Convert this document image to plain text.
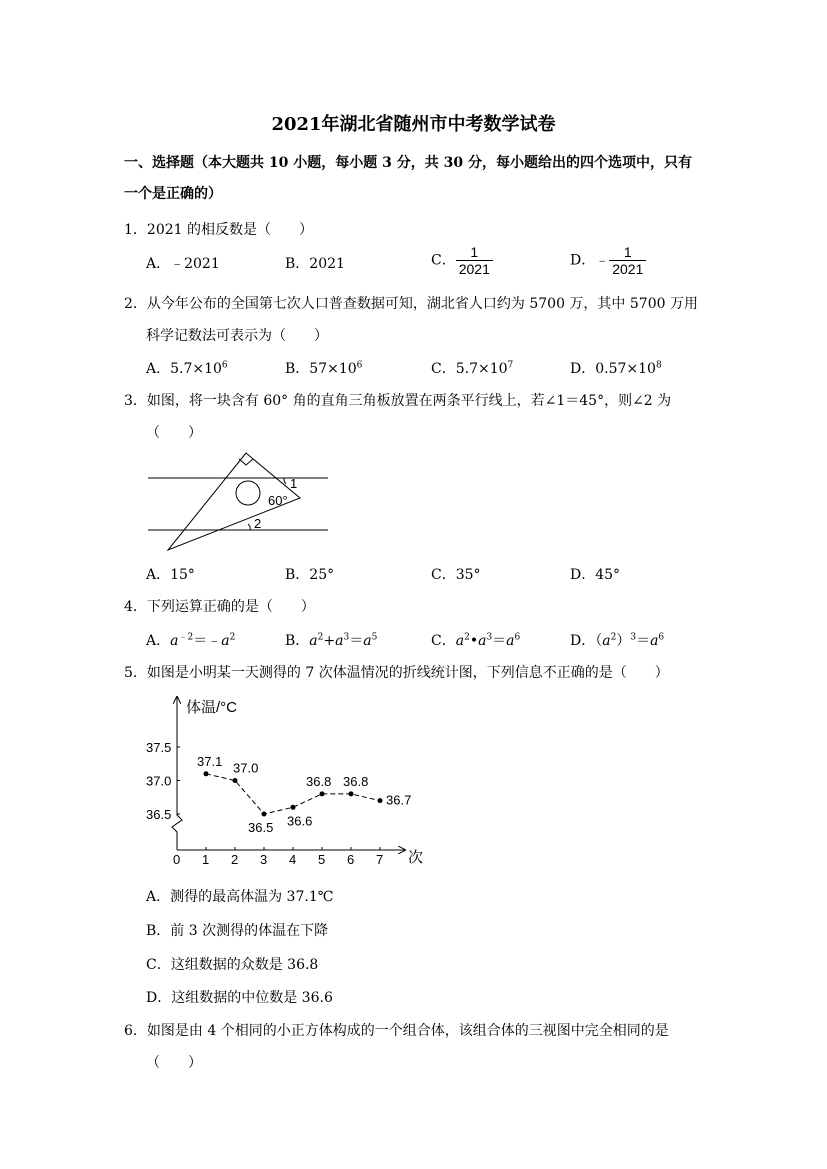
2021年湖北省随州市中考数学试卷
一、选择题（本大题共 10 小题，每小题 3 分，共 30 分，每小题给出的四个选项中，只有
一个是正确的）
1．2021 的相反数是（　　）
A．﹣2021	B．2021	C． $\frac{1}{2021}$	D．﹣ $\frac{1}{2021}$
2．从今年公布的全国第七次人口普查数据可知，湖北省人口约为 5700 万，其中 5700 万用
科学记数法可表示为（　　）
A．$5.7\times 10^6$	B．$57\times 10^6$	C．$5.7\times 10^7$	D．$0.57\times 10^8$
3．如图，将一块含有 60° 角的直角三角板放置在两条平行线上，若∠1＝45°，则∠2 为
（　　）
1
60°
2
A．15°	B．25°	C．35°	D．45°
4．下列运算正确的是（　　）
A．$a^{﹣2}=﹣a^2$	B．$a^2+a^3=a^5$	C．$a^2•a^3=a^6$	D．$(a^2)^3=a^6$
5．如图是小明某一天测得的 7 次体温情况的折线统计图，下列信息不正确的是（　　）
体温/°C
次
0 1 2 3 4 5 6 7
37.5
37.0
36.5
37.1 37.0
36.5 36.6
36.8 36.8
36.7
A．测得的最高体温为 37.1℃
B．前 3 次测得的体温在下降
C．这组数据的众数是 36.8
D．这组数据的中位数是 36.6
6．如图是由 4 个相同的小正方体构成的一个组合体，该组合体的三视图中完全相同的是
（　　）
